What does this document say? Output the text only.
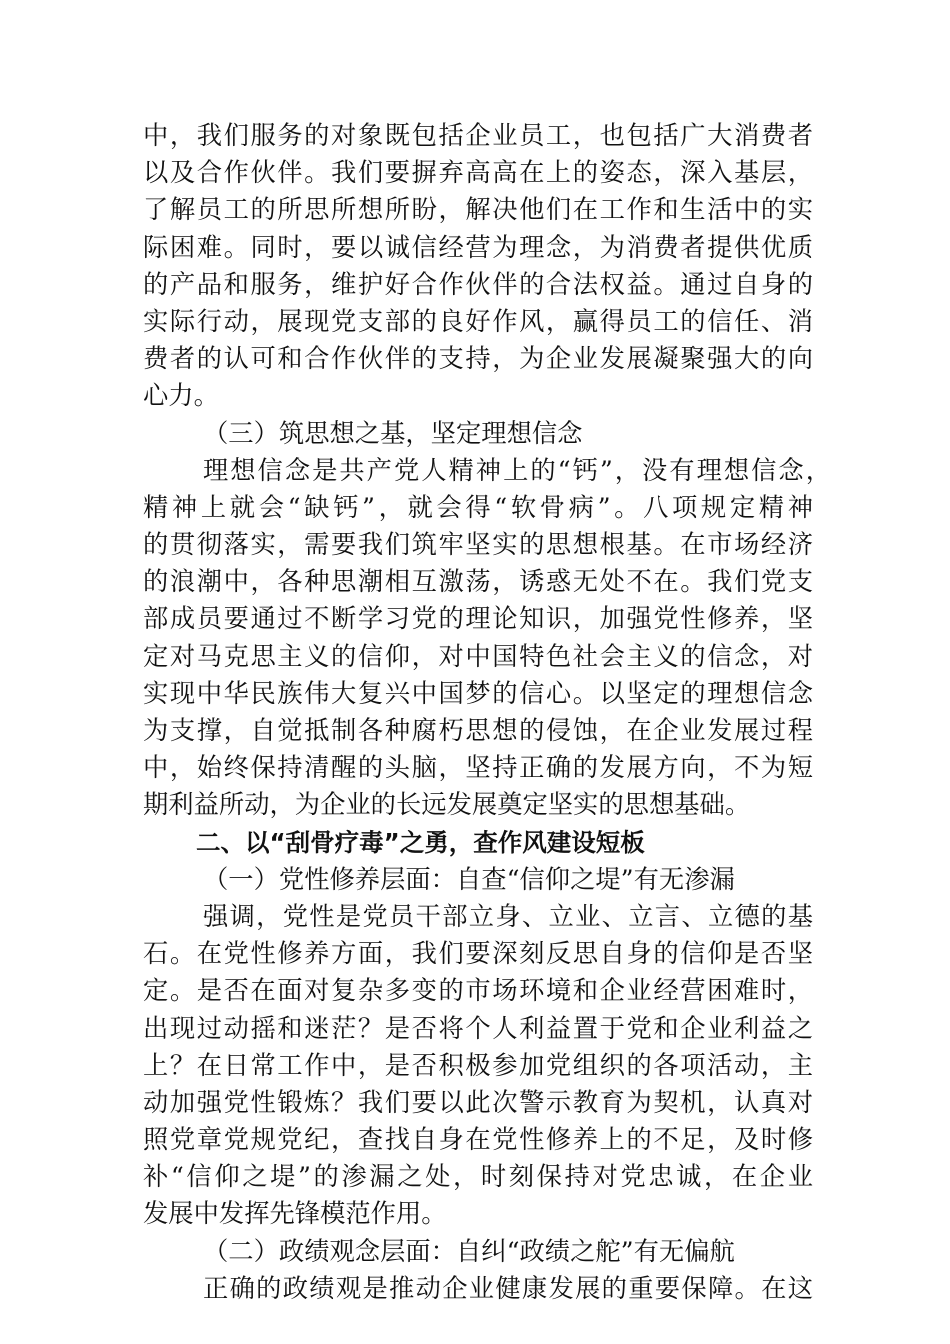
中，我们服务的对象既包括企业员工，也包括广大消费者
以及合作伙伴。我们要摒弃高高在上的姿态，深入基层，
了解员工的所思所想所盼，解决他们在工作和生活中的实
际困难。同时，要以诚信经营为理念，为消费者提供优质
的产品和服务，维护好合作伙伴的合法权益。通过自身的
实际行动，展现党支部的良好作风，赢得员工的信任、消
费者的认可和合作伙伴的支持，为企业发展凝聚强大的向
心力。
（三）筑思想之基，坚定理想信念
理想信念是共产党人精神上的“钙”，没有理想信念，
精神上就会“缺钙”，就会得“软骨病”。八项规定精神
的贯彻落实，需要我们筑牢坚实的思想根基。在市场经济
的浪潮中，各种思潮相互激荡，诱惑无处不在。我们党支
部成员要通过不断学习党的理论知识，加强党性修养，坚
定对马克思主义的信仰，对中国特色社会主义的信念，对
实现中华民族伟大复兴中国梦的信心。以坚定的理想信念
为支撑，自觉抵制各种腐朽思想的侵蚀，在企业发展过程
中，始终保持清醒的头脑，坚持正确的发展方向，不为短
期利益所动，为企业的长远发展奠定坚实的思想基础。
二、以“刮骨疗毒”之勇，查作风建设短板
（一）党性修养层面：自查“信仰之堤”有无渗漏
强调，党性是党员干部立身、立业、立言、立德的基
石。在党性修养方面，我们要深刻反思自身的信仰是否坚
定。是否在面对复杂多变的市场环境和企业经营困难时，
出现过动摇和迷茫？是否将个人利益置于党和企业利益之
上？在日常工作中，是否积极参加党组织的各项活动，主
动加强党性锻炼？我们要以此次警示教育为契机，认真对
照党章党规党纪，查找自身在党性修养上的不足，及时修
补“信仰之堤”的渗漏之处，时刻保持对党忠诚，在企业
发展中发挥先锋模范作用。
（二）政绩观念层面：自纠“政绩之舵”有无偏航
正确的政绩观是推动企业健康发展的重要保障。在这
